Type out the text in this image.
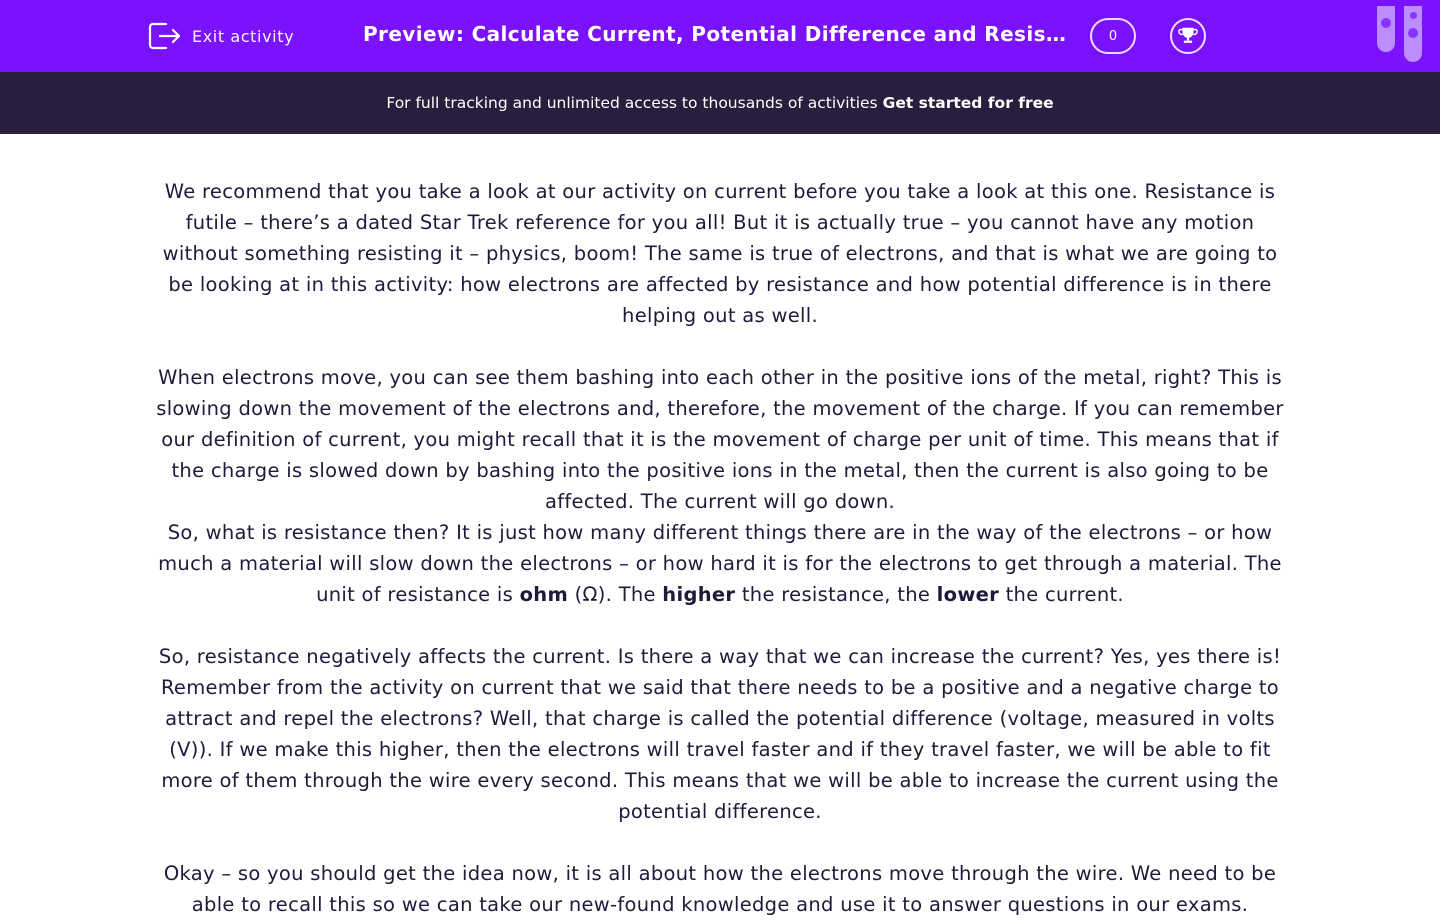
Exit activity	Preview: Calculate Current, Potential Difference and Resis…	0
For full tracking and unlimited access to thousands of activities Get started for free

We recommend that you take a look at our activity on current before you take a look at this one. Resistance is futile – there’s a dated Star Trek reference for you all! But it is actually true – you cannot have any motion without something resisting it – physics, boom! The same is true of electrons, and that is what we are going to be looking at in this activity: how electrons are affected by resistance and how potential difference is in there helping out as well.

When electrons move, you can see them bashing into each other in the positive ions of the metal, right? This is slowing down the movement of the electrons and, therefore, the movement of the charge. If you can remember our definition of current, you might recall that it is the movement of charge per unit of time. This means that if the charge is slowed down by bashing into the positive ions in the metal, then the current is also going to be affected. The current will go down.

So, what is resistance then? It is just how many different things there are in the way of the electrons – or how much a material will slow down the electrons – or how hard it is for the electrons to get through a material. The unit of resistance is ohm (Ω). The higher the resistance, the lower the current.

So, resistance negatively affects the current. Is there a way that we can increase the current? Yes, yes there is! Remember from the activity on current that we said that there needs to be a positive and a negative charge to attract and repel the electrons? Well, that charge is called the potential difference (voltage, measured in volts (V)). If we make this higher, then the electrons will travel faster and if they travel faster, we will be able to fit more of them through the wire every second. This means that we will be able to increase the current using the potential difference.

Okay – so you should get the idea now, it is all about how the electrons move through the wire. We need to be able to recall this so we can take our new-found knowledge and use it to answer questions in our exams.
